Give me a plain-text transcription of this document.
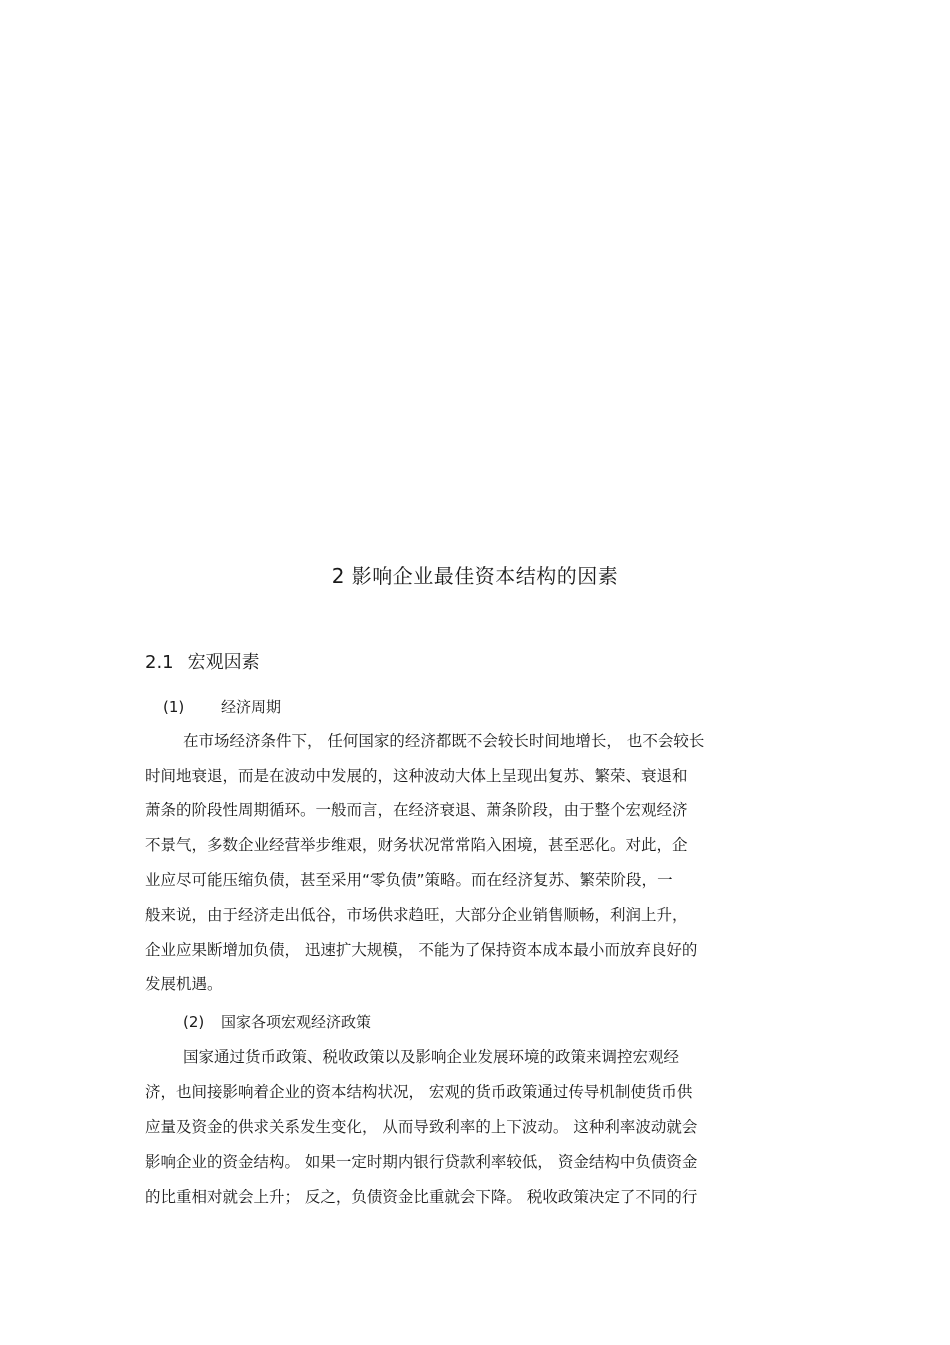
2 影响企业最佳资本结构的因素
2.1 宏观因素
(1) 经济周期
在市场经济条件下， 任何国家的经济都既不会较长时间地增长， 也不会较长
时间地衰退，而是在波动中发展的，这种波动大体上呈现出复苏、繁荣、衰退和
萧条的阶段性周期循环。一般而言，在经济衰退、萧条阶段，由于整个宏观经济
不景气，多数企业经营举步维艰，财务状况常常陷入困境，甚至恶化。对此，企
业应尽可能压缩负债，甚至采用“零负债”策略。而在经济复苏、繁荣阶段，一
般来说，由于经济走出低谷，市场供求趋旺，大部分企业销售顺畅，利润上升，
企业应果断增加负债， 迅速扩大规模， 不能为了保持资本成本最小而放弃良好的
发展机遇。
(2) 国家各项宏观经济政策
国家通过货币政策、税收政策以及影响企业发展环境的政策来调控宏观经
济，也间接影响着企业的资本结构状况， 宏观的货币政策通过传导机制使货币供
应量及资金的供求关系发生变化， 从而导致利率的上下波动。 这种利率波动就会
影响企业的资金结构。 如果一定时期内银行贷款利率较低， 资金结构中负债资金
的比重相对就会上升； 反之，负债资金比重就会下降。 税收政策决定了不同的行
